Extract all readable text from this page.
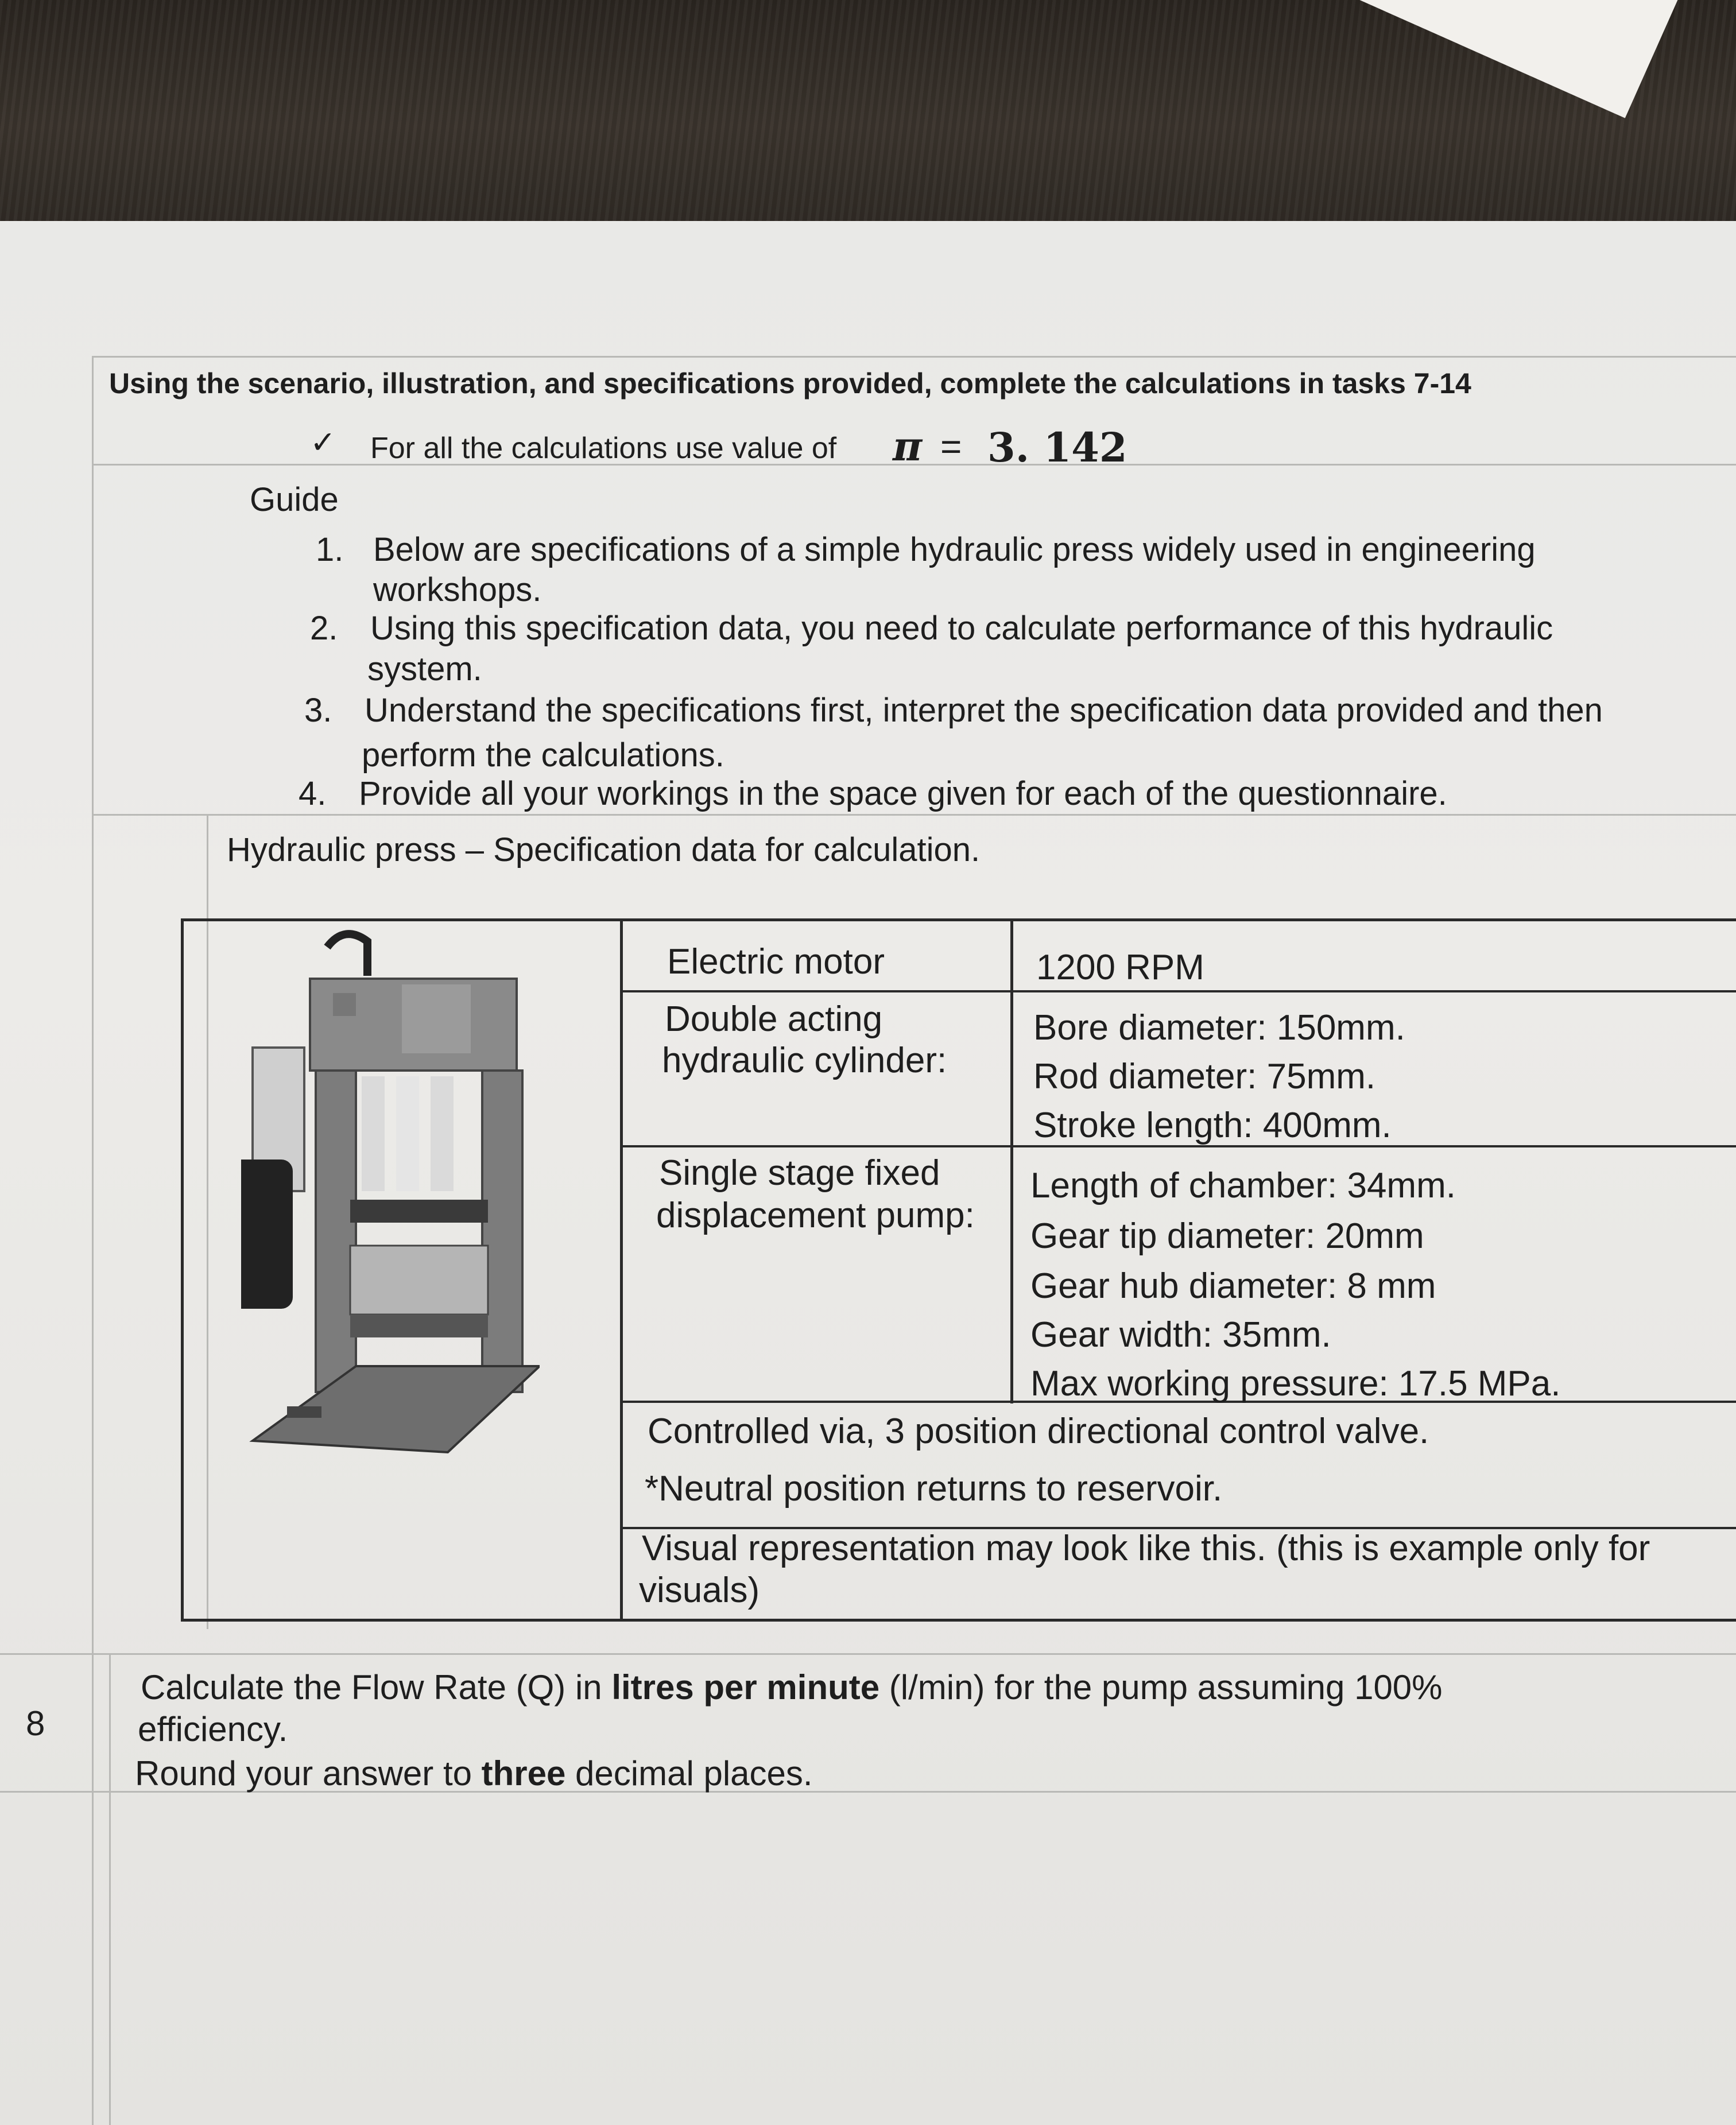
Using the scenario, illustration, and specifications provided, complete the calculations in tasks 7-14
✓ For all the calculations use value of π = 3. 142
Guide
1. Below are specifications of a simple hydraulic press widely used in engineering
workshops.
2. Using this specification data, you need to calculate performance of this hydraulic
system.
3. Understand the specifications first, interpret the specification data provided and then
perform the calculations.
4. Provide all your workings in the space given for each of the questionnaire.
Hydraulic press – Specification data for calculation.
Electric motor	1200 RPM
Double acting
hydraulic cylinder:
Bore diameter: 150mm.
Rod diameter: 75mm.
Stroke length: 400mm.
Single stage fixed
displacement pump:
Length of chamber: 34mm.
Gear tip diameter: 20mm
Gear hub diameter: 8 mm
Gear width: 35mm.
Max working pressure: 17.5 MPa.
Controlled via, 3 position directional control valve.
*Neutral position returns to reservoir.
Visual representation may look like this. (this is example only for
visuals)
8
Calculate the Flow Rate (Q) in litres per minute (l/min) for the pump assuming 100%
efficiency.
Round your answer to three decimal places.
